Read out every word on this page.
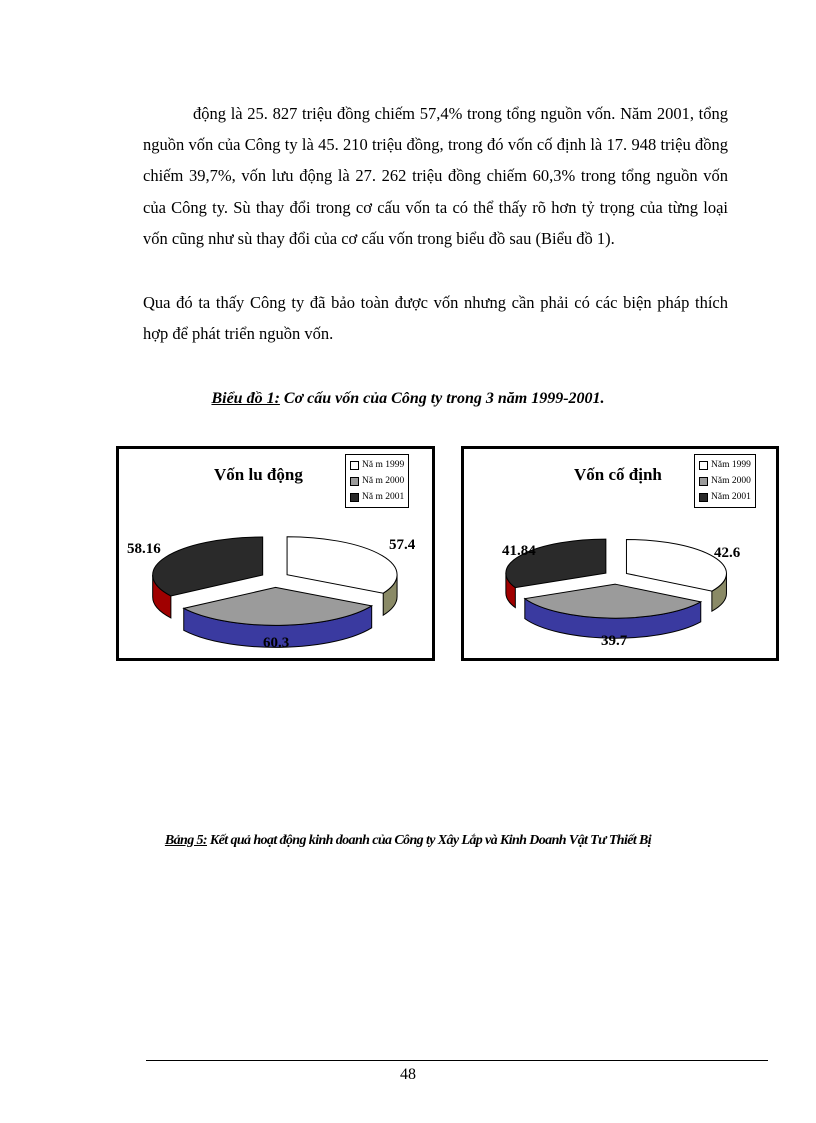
động là 25. 827 triệu đồng chiếm 57,4% trong tổng nguồn vốn. Năm 2001, tổng nguồn vốn của Công ty là 45. 210 triệu đồng, trong đó vốn cố định là 17. 948 triệu đồng chiếm 39,7%, vốn lưu động là 27. 262 triệu đồng chiếm 60,3% trong tổng nguồn vốn của Công ty. Sù thay đổi trong cơ cấu vốn ta có thể thấy rõ hơn tỷ trọng của từng loại vốn cũng như sù thay đổi của cơ cấu vốn trong biểu đồ sau (Biểu đồ 1).

Qua đó ta thấy Công ty đã bảo toàn được vốn nhưng cần phải có các biện pháp thích hợp để phát triển nguồn vốn.

Biểu đồ 1: Cơ cấu vốn của Công ty trong 3 năm 1999-2001.

Vốn lu động	Nă m 1999
Nă m 2000
Nă m 2001
58.16	57.4
60.3
Vốn cố định	Năm 1999
Năm 2000
Năm 2001
41.84	42.6
39.7

Bảng 5: Kết quả hoạt động kinh doanh của Công ty Xây Lắp và Kinh Doanh Vật Tư Thiết Bị

48
